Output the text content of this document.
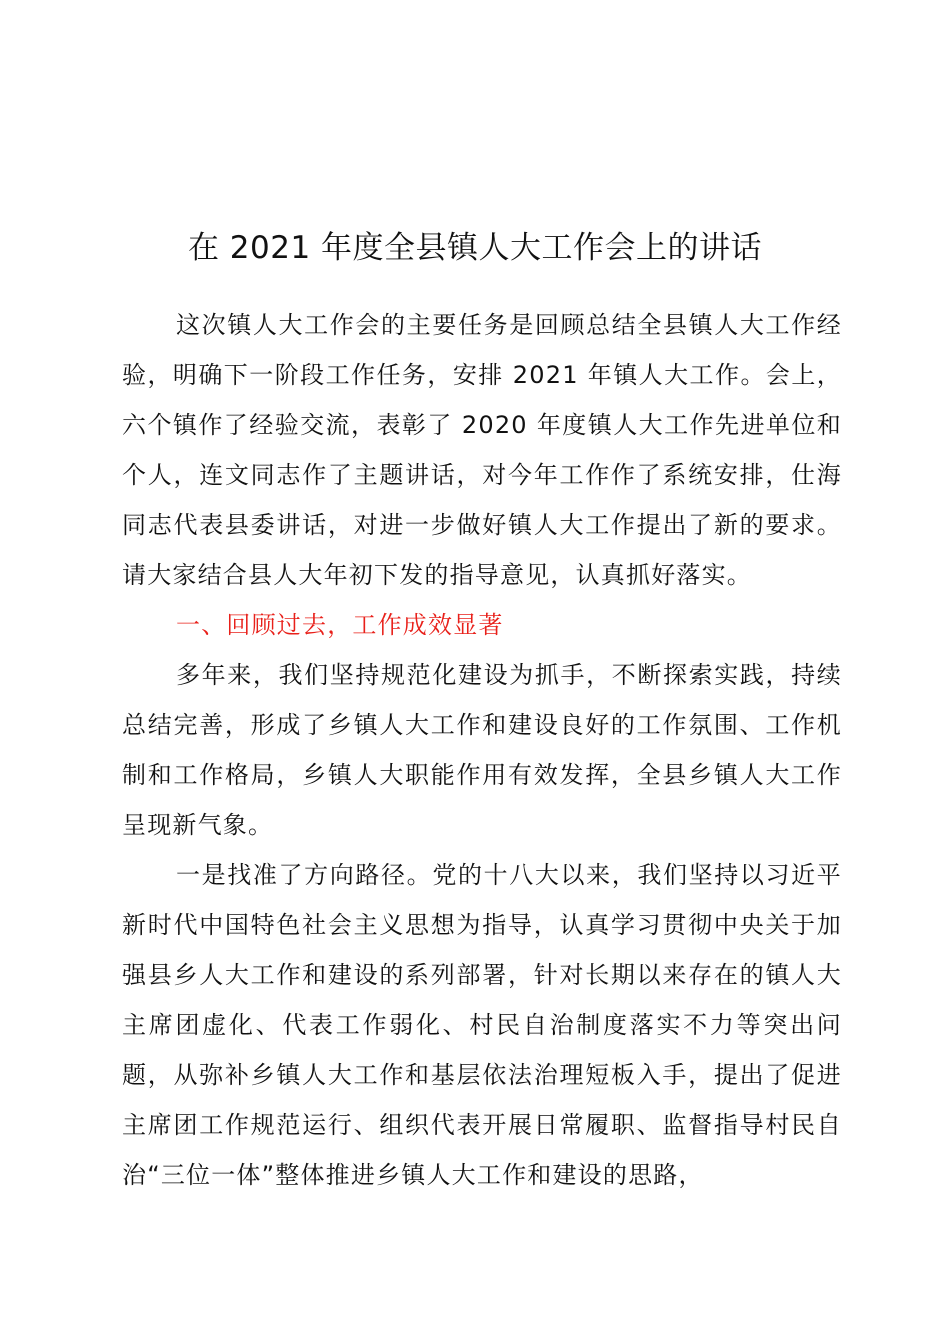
在 2021 年度全县镇人大工作会上的讲话

这次镇人大工作会的主要任务是回顾总结全县镇人大工作经验，明确下一阶段工作任务，安排 2021 年镇人大工作。会上，六个镇作了经验交流，表彰了 2020 年度镇人大工作先进单位和个人，连文同志作了主题讲话，对今年工作作了系统安排，仕海同志代表县委讲话，对进一步做好镇人大工作提出了新的要求。请大家结合县人大年初下发的指导意见，认真抓好落实。

一、回顾过去，工作成效显著

多年来，我们坚持规范化建设为抓手，不断探索实践，持续总结完善，形成了乡镇人大工作和建设良好的工作氛围、工作机制和工作格局，乡镇人大职能作用有效发挥，全县乡镇人大工作呈现新气象。

一是找准了方向路径。党的十八大以来，我们坚持以习近平新时代中国特色社会主义思想为指导，认真学习贯彻中央关于加强县乡人大工作和建设的系列部署，针对长期以来存在的镇人大主席团虚化、代表工作弱化、村民自治制度落实不力等突出问题，从弥补乡镇人大工作和基层依法治理短板入手，提出了促进主席团工作规范运行、组织代表开展日常履职、监督指导村民自治“三位一体”整体推进乡镇人大工作和建设的思路，
